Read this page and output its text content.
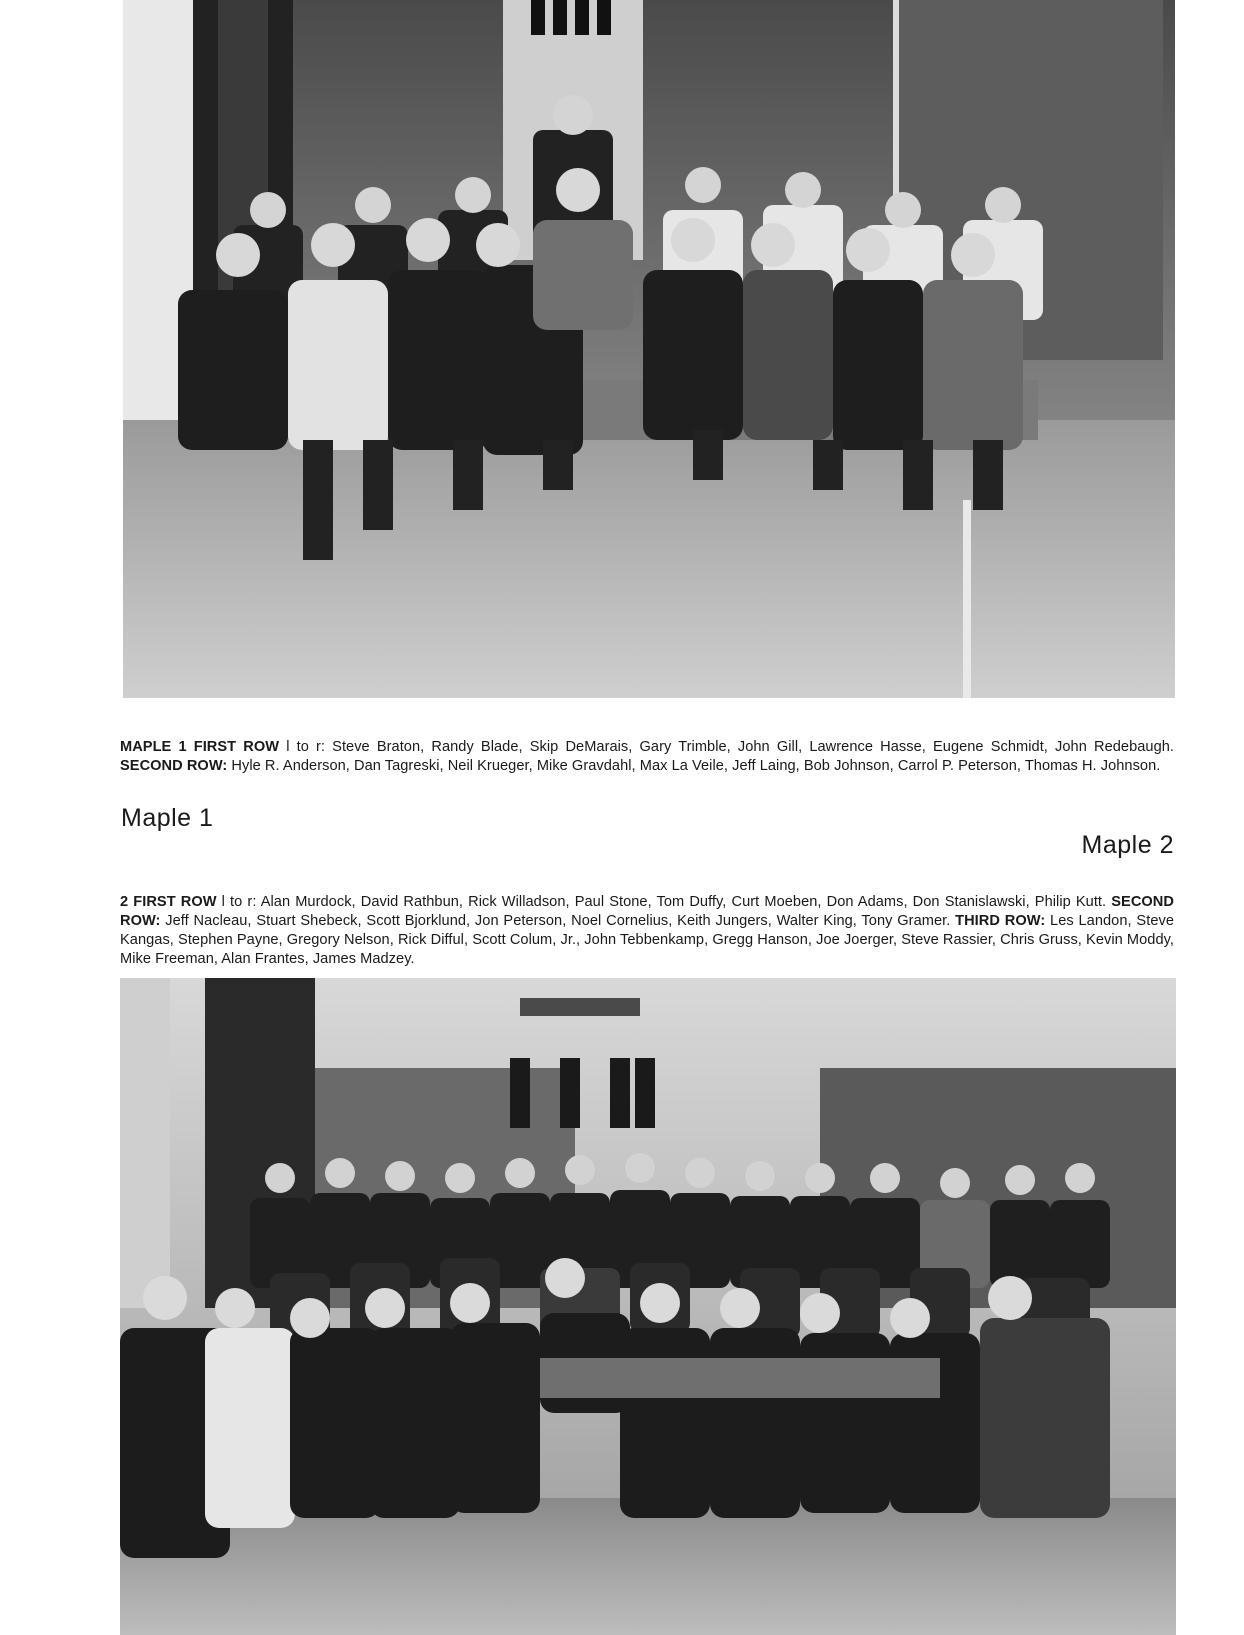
MAPLE 1 FIRST ROW l to r: Steve Braton, Randy Blade, Skip DeMarais, Gary Trimble, John Gill, Lawrence Hasse, Eugene Schmidt, John Redebaugh. SECOND ROW: Hyle R. Anderson, Dan Tagreski, Neil Krueger, Mike Gravdahl, Max La Veile, Jeff Laing, Bob Johnson, Carrol P. Peterson, Thomas H. Johnson.

Maple 1
Maple 2

2 FIRST ROW l to r: Alan Murdock, David Rathbun, Rick Willadson, Paul Stone, Tom Duffy, Curt Moeben, Don Adams, Don Stanislawski, Philip Kutt. SECOND ROW: Jeff Nacleau, Stuart Shebeck, Scott Bjorklund, Jon Peterson, Noel Cornelius, Keith Jungers, Walter King, Tony Gramer. THIRD ROW: Les Landon, Steve Kangas, Stephen Payne, Gregory Nelson, Rick Difful, Scott Colum, Jr., John Tebbenkamp, Gregg Hanson, Joe Joerger, Steve Rassier, Chris Gruss, Kevin Moddy, Mike Freeman, Alan Frantes, James Madzey.
